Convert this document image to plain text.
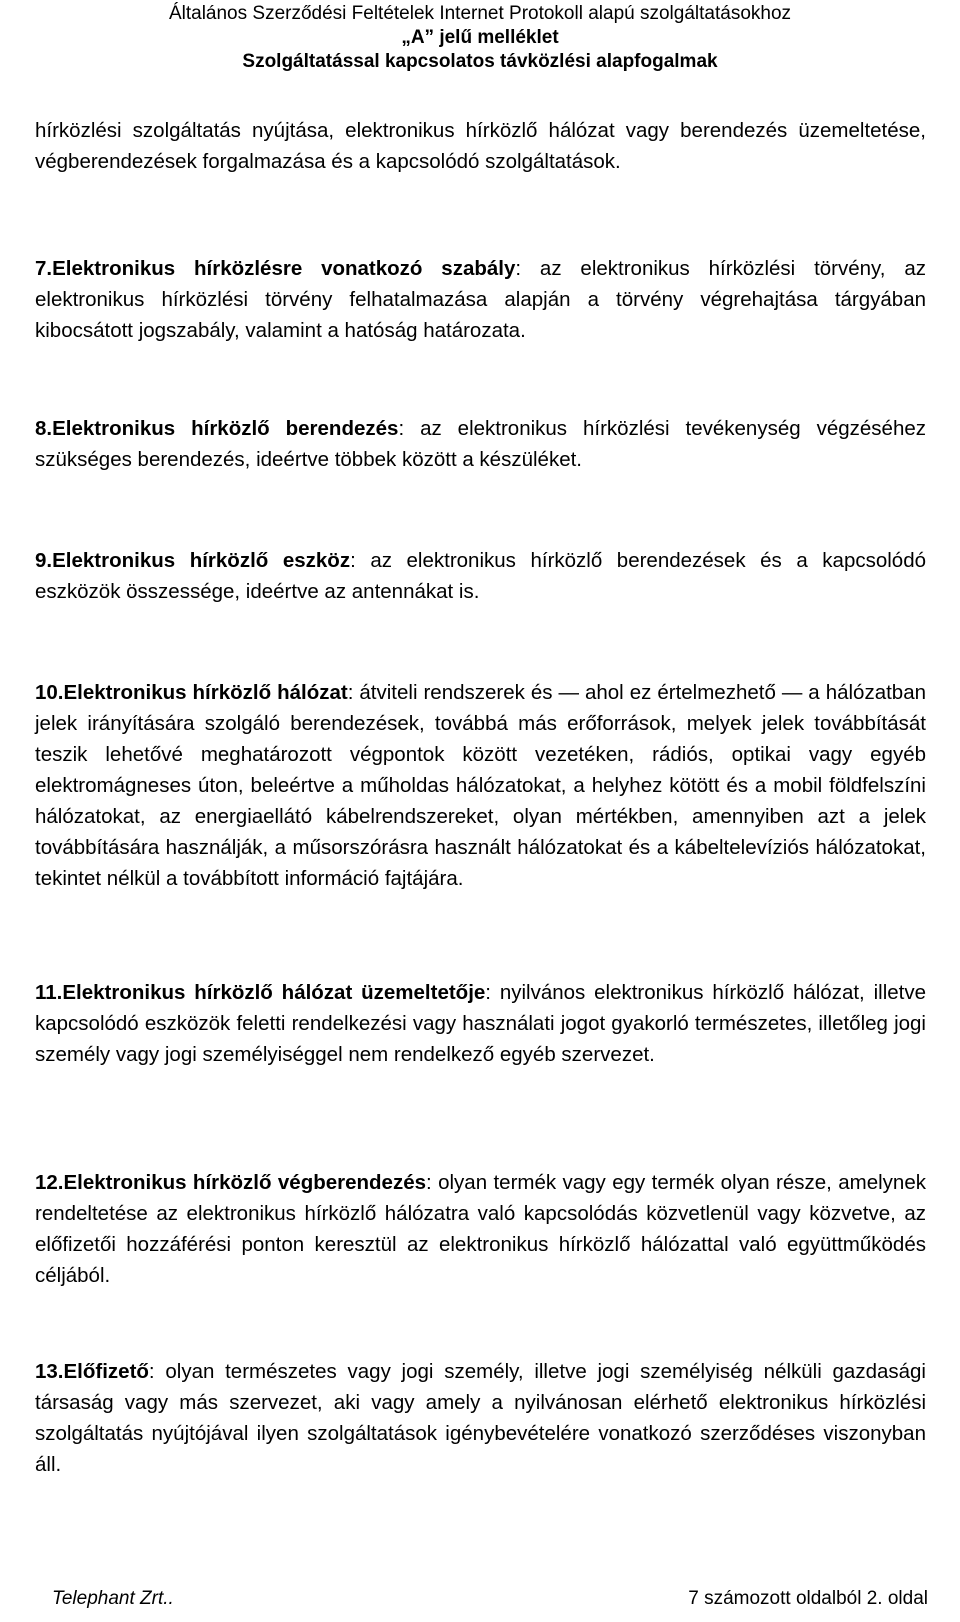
Általános Szerződési Feltételek Internet Protokoll alapú szolgáltatásokhoz
„A” jelű melléklet
Szolgáltatással kapcsolatos távközlési alapfogalmak
hírközlési szolgáltatás nyújtása, elektronikus hírközlő hálózat vagy berendezés üzemeltetése, végberendezések forgalmazása és a kapcsolódó szolgáltatások.
7.Elektronikus hírközlésre vonatkozó szabály: az elektronikus hírközlési törvény, az elektronikus hírközlési törvény felhatalmazása alapján a törvény végrehajtása tárgyában kibocsátott jogszabály, valamint a hatóság határozata.
8.Elektronikus hírközlő berendezés: az elektronikus hírközlési tevékenység végzéséhez szükséges berendezés, ideértve többek között a készüléket.
9.Elektronikus hírközlő eszköz: az elektronikus hírközlő berendezések és a kapcsolódó eszközök összessége, ideértve az antennákat is.
10.Elektronikus hírközlő hálózat: átviteli rendszerek és — ahol ez értelmezhető — a hálózatban jelek irányítására szolgáló berendezések, továbbá más erőforrások, melyek jelek továbbítását teszik lehetővé meghatározott végpontok között vezetéken, rádiós, optikai vagy egyéb elektromágneses úton, beleértve a műholdas hálózatokat, a helyhez kötött és a mobil földfelszíni hálózatokat, az energiaellátó kábelrendszereket, olyan mértékben, amennyiben azt a jelek továbbítására használják, a műsorszórásra használt hálózatokat és a kábeltelevíziós hálózatokat, tekintet nélkül a továbbított információ fajtájára.
11.Elektronikus hírközlő hálózat üzemeltetője: nyilvános elektronikus hírközlő hálózat, illetve kapcsolódó eszközök feletti rendelkezési vagy használati jogot gyakorló természetes, illetőleg jogi személy vagy jogi személyiséggel nem rendelkező egyéb szervezet.
12.Elektronikus hírközlő végberendezés: olyan termék vagy egy termék olyan része, amelynek rendeltetése az elektronikus hírközlő hálózatra való kapcsolódás közvetlenül vagy közvetve, az előfizetői hozzáférési ponton keresztül az elektronikus hírközlő hálózattal való együttműködés céljából.
13.Előfizető: olyan természetes vagy jogi személy, illetve jogi személyiség nélküli gazdasági társaság vagy más szervezet, aki vagy amely a nyilvánosan elérhető elektronikus hírközlési szolgáltatás nyújtójával ilyen szolgáltatások igénybevételére vonatkozó szerződéses viszonyban áll.
Telephant Zrt..	7 számozott oldalból 2. oldal
